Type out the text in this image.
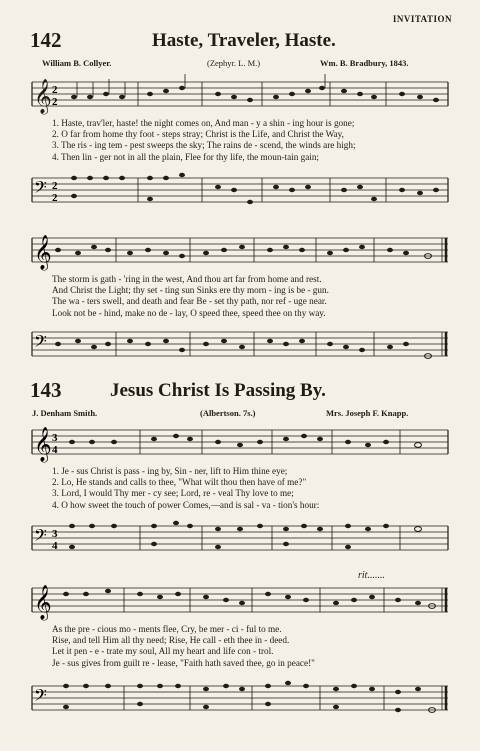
INVITATION
142	Haste, Traveler, Haste.
William B. Collyer.	(Zephyr. L. M.)	Wm. B. Bradbury, 1843.
𝄞 2
2
1. Haste, trav'ler, haste! the night comes on, And man - y a shin - ing hour is gone;
2. O far from home thy foot - steps stray; Christ is the Life, and Christ the Way,
3. The ris - ing tem - pest sweeps the sky; The rains de - scend, the winds are high;
4. Then lin - ger not in all the plain, Flee for thy life, the moun-tain gain;
𝄢 2
2
𝄞
The storm is gath - 'ring in the west, And thou art far from home and rest.
And Christ the Light; thy set - ting sun Sinks ere thy morn - ing is be - gun.
The wa - ters swell, and death and fear Be - set thy path, nor ref - uge near.
Look not be - hind, make no de - lay, O speed thee, speed thee on thy way.
𝄢
143	Jesus Christ Is Passing By.
J. Denham Smith.	(Albertson. 7s.)	Mrs. Joseph F. Knapp.
𝄞 3
4
1. Je - sus Christ is pass - ing by, Sin - ner, lift to Him thine eye;
2. Lo, He stands and calls to thee, "What wilt thou then have of me?"
3. Lord, I would Thy mer - cy see; Lord, re - veal Thy love to me;
4. O how sweet the touch of power Comes,—and is sal - va - tion's hour:
𝄢 3
4
rit.......
𝄞
As the pre - cious mo - ments flee, Cry, be mer - ci - ful to me.
Rise, and tell Him all thy need; Rise, He call - eth thee in - deed.
Let it pen - e - trate my soul, All my heart and life con - trol.
Je - sus gives from guilt re - lease, "Faith hath saved thee, go in peace!"
𝄢
